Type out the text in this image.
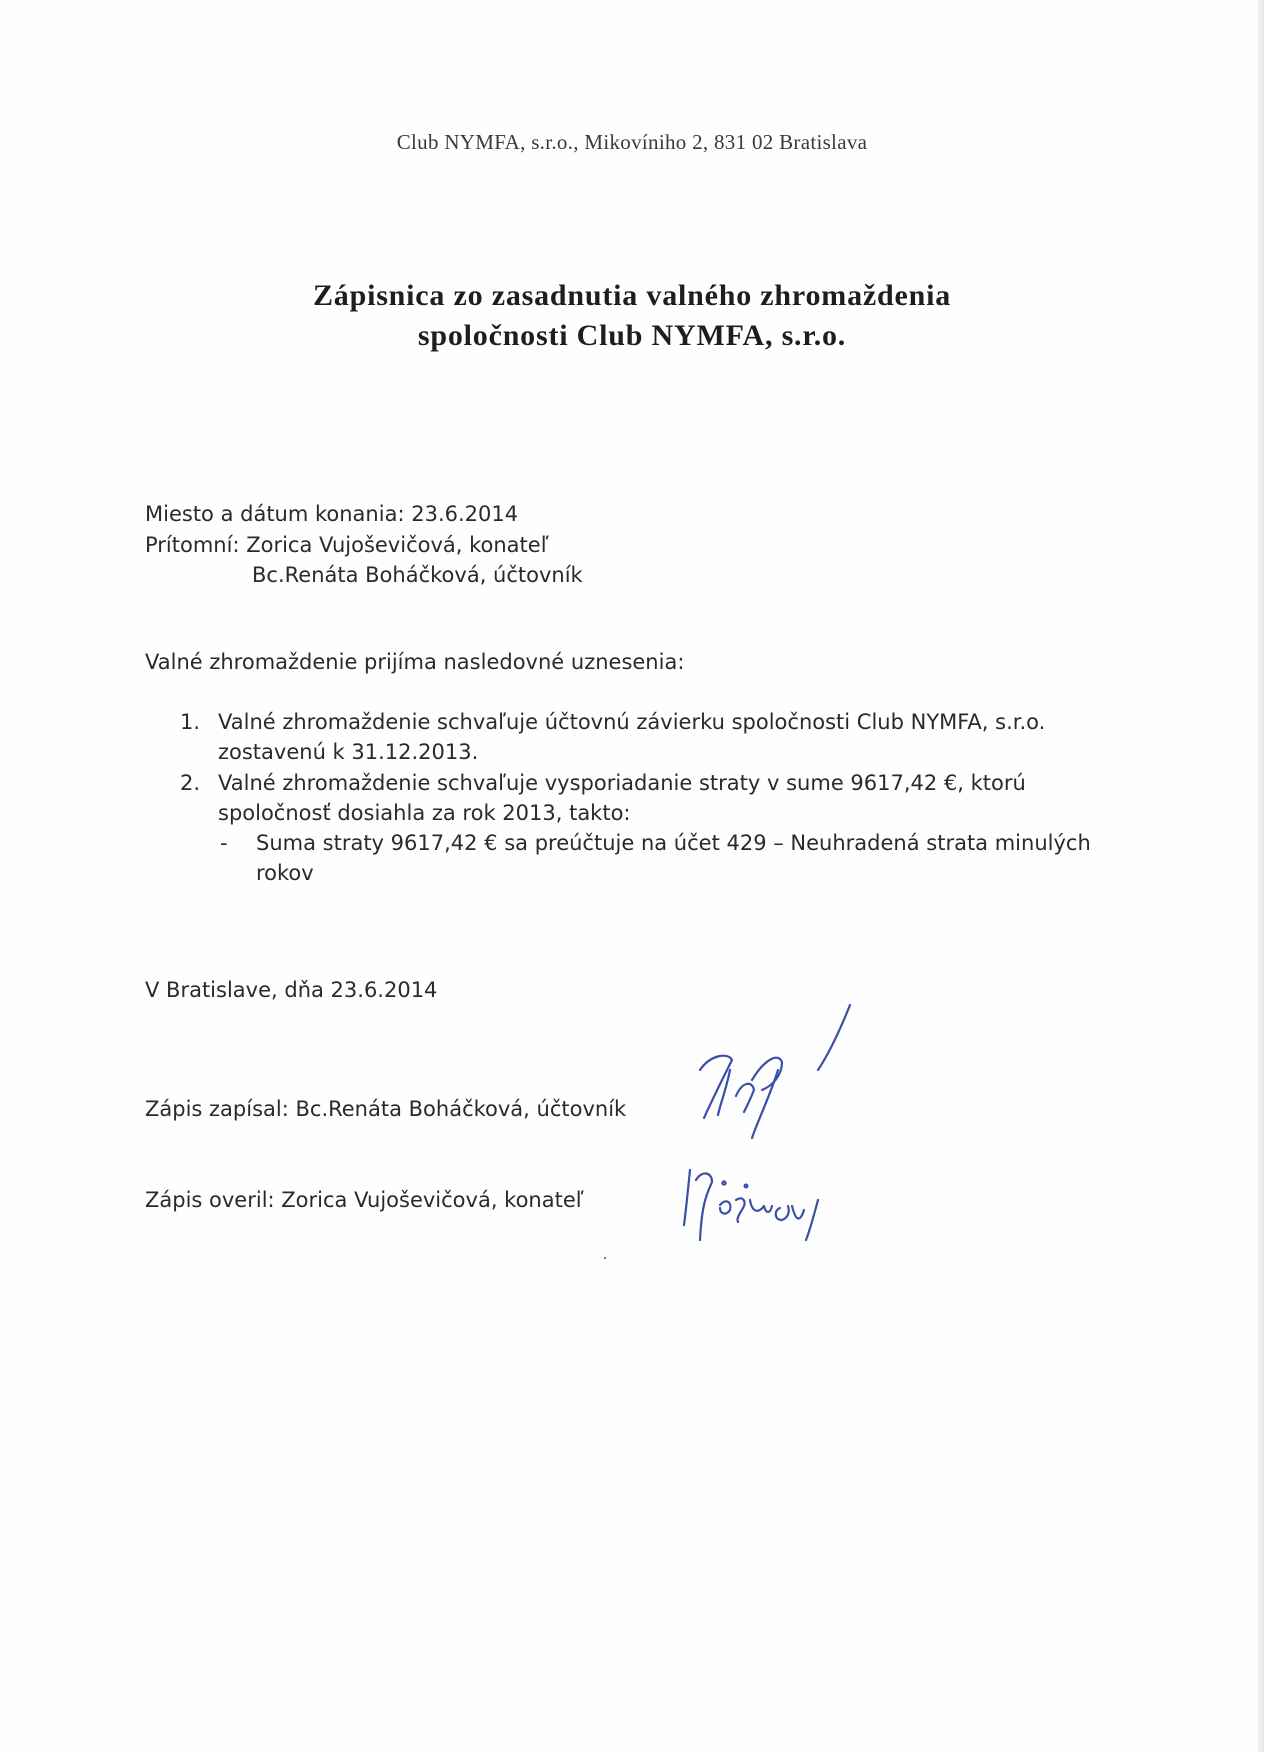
Club NYMFA, s.r.o., Mikovíniho 2, 831 02 Bratislava
Zápisnica zo zasadnutia valného zhromaždenia
spoločnosti Club NYMFA, s.r.o.
Miesto a dátum konania: 23.6.2014
Prítomní: Zorica Vujoševičová, konateľ
Bc.Renáta Boháčková, účtovník
Valné zhromaždenie prijíma nasledovné uznesenia:
1. Valné zhromaždenie schvaľuje účtovnú závierku spoločnosti Club NYMFA, s.r.o.
zostavenú k 31.12.2013.
2. Valné zhromaždenie schvaľuje vysporiadanie straty v sume 9617,42 €, ktorú
spoločnosť dosiahla za rok 2013, takto:
- Suma straty 9617,42 € sa preúčtuje na účet 429 – Neuhradená strata minulých
rokov
V Bratislave, dňa 23.6.2014
Zápis zapísal: Bc.Renáta Boháčková, účtovník
Zápis overil: Zorica Vujoševičová, konateľ
